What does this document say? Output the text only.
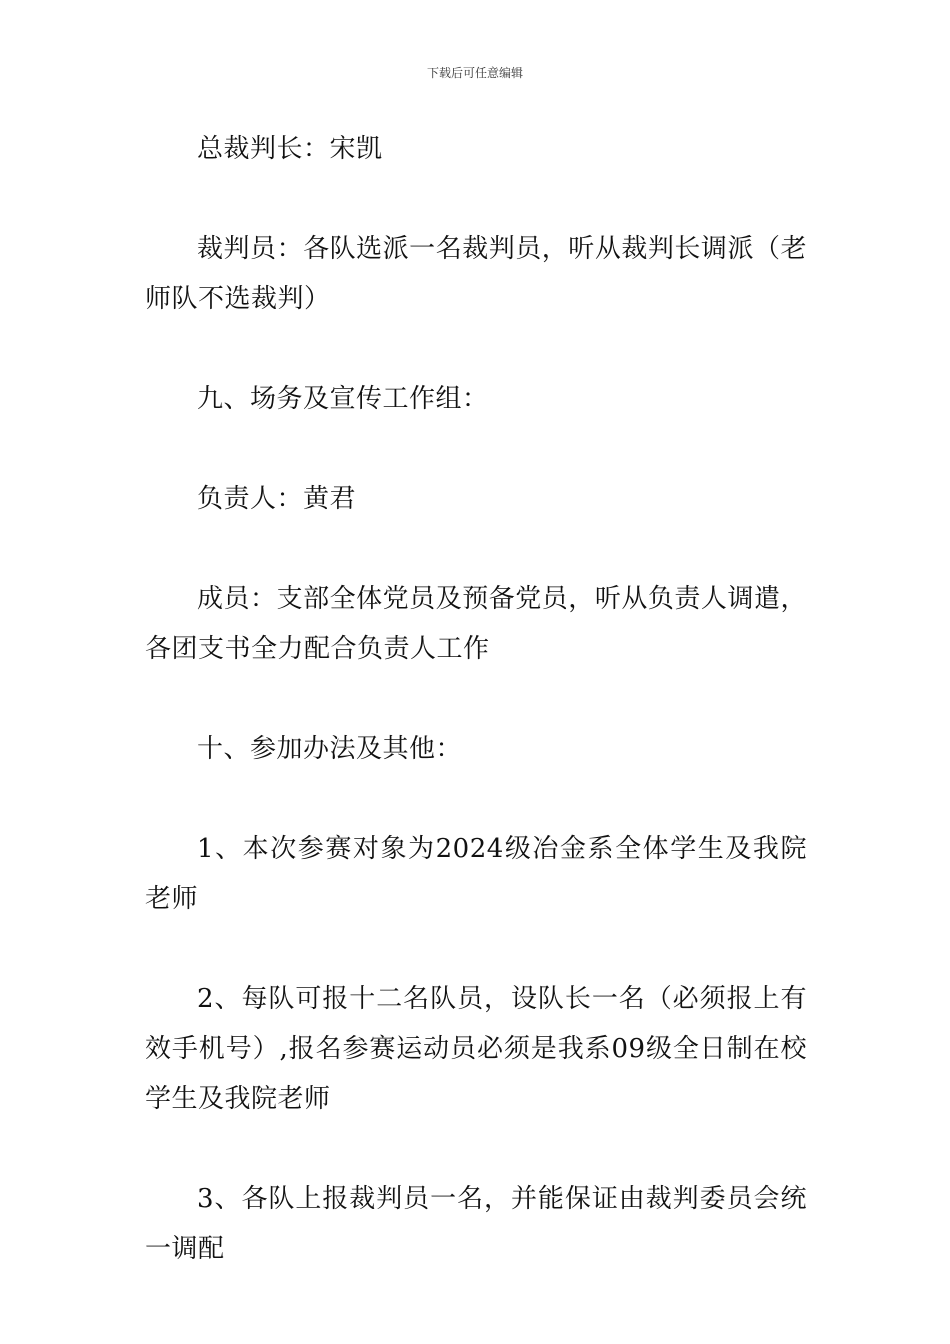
下载后可任意编辑

总裁判长：宋凯

裁判员：各队选派一名裁判员，听从裁判长调派（老师队不选裁判）

九、场务及宣传工作组：

负责人：黄君

成员：支部全体党员及预备党员，听从负责人调遣，各团支书全力配合负责人工作

十、参加办法及其他：

1、本次参赛对象为2024级冶金系全体学生及我院老师

2、每队可报十二名队员，设队长一名（必须报上有效手机号）,报名参赛运动员必须是我系09级全日制在校学生及我院老师

3、各队上报裁判员一名，并能保证由裁判委员会统一调配
